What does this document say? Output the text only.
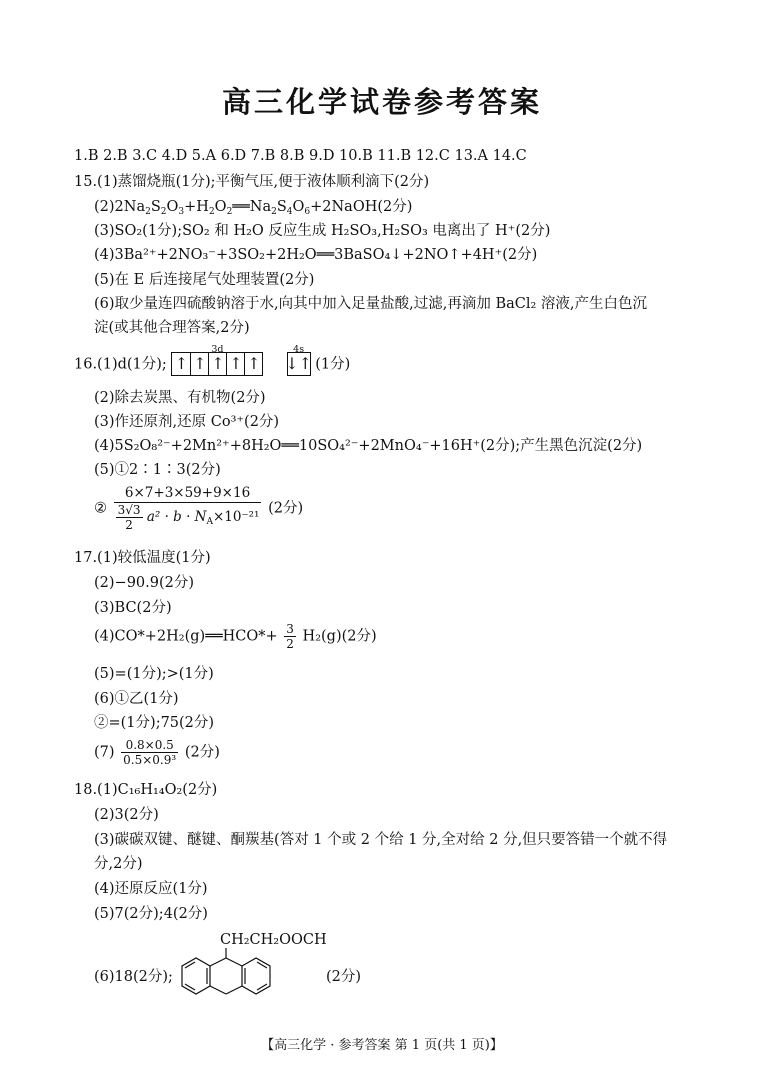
高三化学试卷参考答案
1.B 2.B 3.C 4.D 5.A 6.D 7.B 8.B 9.D 10.B 11.B 12.C 13.A 14.C
15.(1)蒸馏烧瓶(1分);平衡气压,便于液体顺利滴下(2分)
$(2)2Na_2S_2O_3+H_2O_2══Na_2S_4O_6+2NaOH(2$分)
(3)SO₂(1分);SO₂ 和 H₂O 反应生成 H₂SO₃,H₂SO₃ 电离出了 H⁺(2分)
(4)3Ba²⁺+2NO₃⁻+3SO₂+2H₂O══3BaSO₄↓+2NO↑+4H⁺(2分)
(5)在 E 后连接尾气处理装置(2分)
(6)取少量连四硫酸钠溶于水,向其中加入足量盐酸,过滤,再滴加 BaCl₂ 溶液,产生白色沉
淀(或其他合理答案,2分)
16.(1)d(1分);
3d
↑ ↑ ↑ ↑ ↑

4s
↓↑ (1分)
(2)除去炭黑、有机物(2分)
(3)作还原剂,还原 Co³⁺(2分)
(4)5S₂O₈²⁻+2Mn²⁺+8H₂O══10SO₄²⁻+2MnO₄⁻+16H⁺(2分);产生黑色沉淀(2分)
(5)①2∶1∶3(2分)
② $\frac{6\times 7+3\times 59+9\times 16}{\frac{3√3}{2} a^2 \cdot b \cdot N_A\times 10^{-21}} (2$分)
17.(1)较低温度(1分)
(2)−90.9(2分)
(3)BC(2分)
(4)CO*+2H₂(g)══HCO*+ $\frac{3}{2} H_2(g)(2$分)
(5)=(1分);>(1分)
(6)①乙(1分)
②=(1分);75(2分)
$(7) \frac{0.8\times 0.5}{\text{0.5×0.9³}} (2$分)
18.(1)C₁₆H₁₄O₂(2分)
(2)3(2分)
(3)碳碳双键、醚键、酮羰基(答对 1 个或 2 个给 1 分,全对给 2 分,但只要答错一个就不得
分,2分)
(4)还原反应(1分)
(5)7(2分);4(2分)
CH₂CH₂OOCH
(6)18(2分);	(2分)
【高三化学 · 参考答案 第 1 页(共 1 页)】
